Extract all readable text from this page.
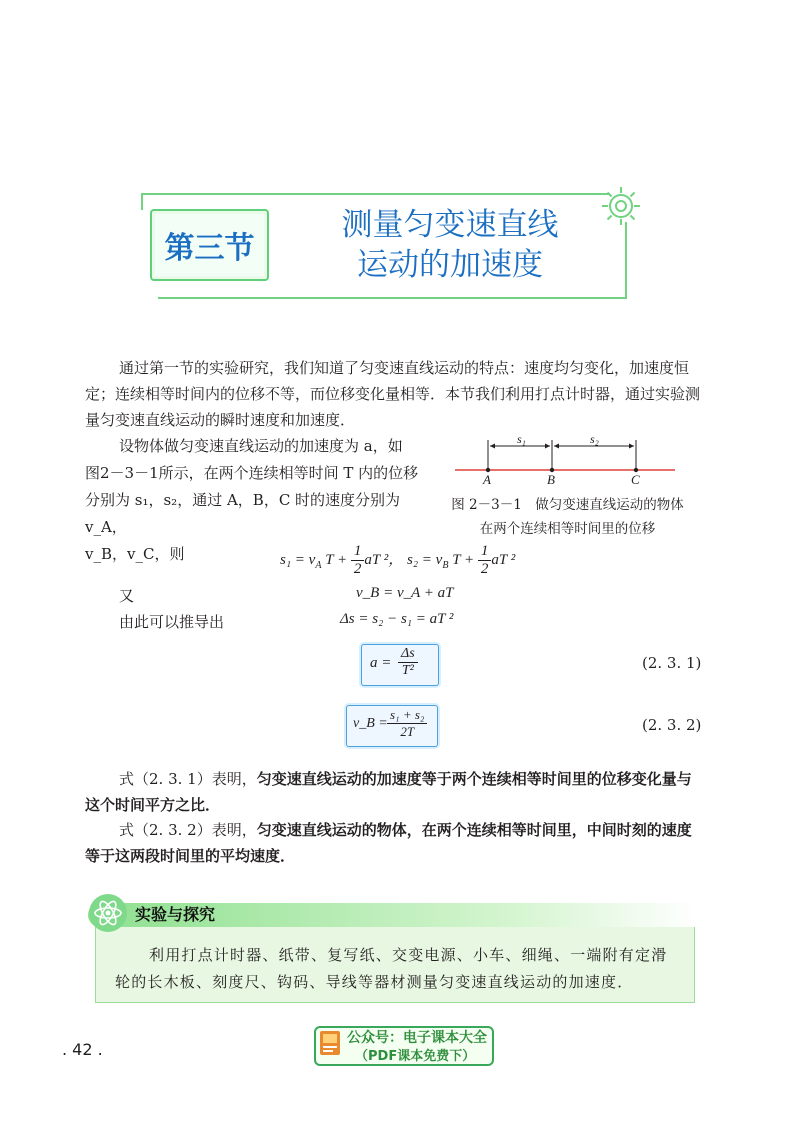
第三节
测量匀变速直线
运动的加速度
通过第一节的实验研究，我们知道了匀变速直线运动的特点：速度均匀变化，加速度恒定；连续相等时间内的位移不等，而位移变化量相等．本节我们利用打点计时器，通过实验测量匀变速直线运动的瞬时速度和加速度．
设物体做匀变速直线运动的加速度为 a，如
图2－3－1所示，在两个连续相等时间 T 内的位移
分别为 s₁，s₂，通过 A，B，C 时的速度分别为 v_A，
v_B，v_C，则
s₁	s₂
A	B	C
图 2－3－1　做匀变速直线运动的物体
在两个连续相等时间里的位移
$s_1 = v_A$ $T + \frac{1}{2}$ aT ²， $s_2 = v_B$ $T + \frac{1}{2}$ aT ²
又	v_B = v_A + aT
由此可以推导出	Δs = s₂ − s₁ = aT ²
$a = \frac{\Delta s}{\text{T²}}$	(2. 3. 1)
v_B = $\frac{\text{s₁ + s₂}}{2T}$	(2. 3. 2)
式（2. 3. 1）表明，匀变速直线运动的加速度等于两个连续相等时间里的位移变化量与这个时间平方之比．
式（2. 3. 2）表明，匀变速直线运动的物体，在两个连续相等时间里，中间时刻的速度等于这两段时间里的平均速度．
实验与探究
利用打点计时器、纸带、复写纸、交变电源、小车、细绳、一端附有定滑轮的长木板、刻度尺、钩码、导线等器材测量匀变速直线运动的加速度．
. 42 .
公众号：电子课本大全
（PDF课本免费下）
